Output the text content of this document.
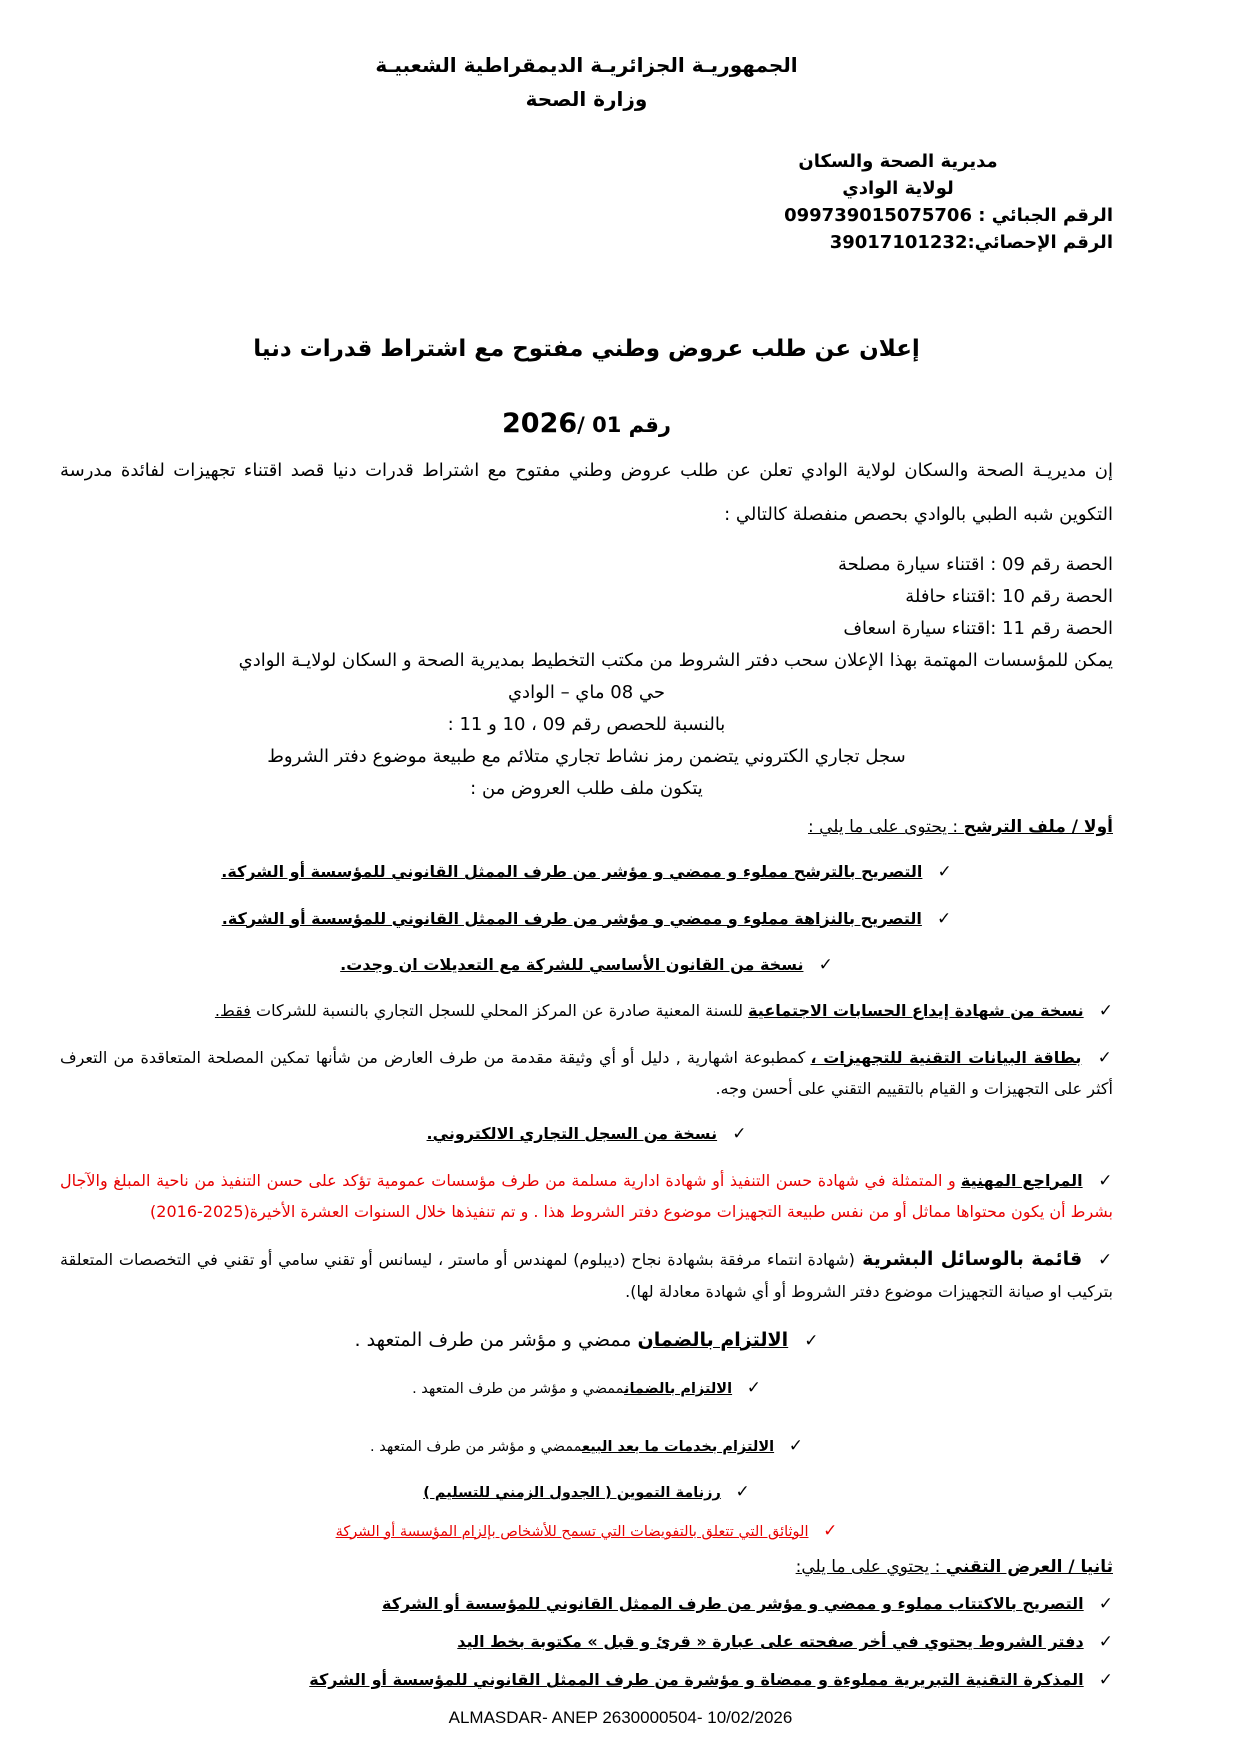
الجمهوريـة الجزائريـة الديمقراطية الشعبيـة
وزارة الصحة
مديرية الصحة والسكان
لولاية الوادي
الرقم الجبائي : 099739015075706
الرقم الإحصائي:39017101232
إعلان عن طلب عروض وطني مفتوح مع اشتراط قدرات دنيا
رقم 01 /2026
إن مديريـة الصحة والسكان لولاية الوادي تعلن عن طلب عروض وطني مفتوح مع اشتراط قدرات دنيا قصد اقتناء تجهيزات لفائدة مدرسة التكوين شبه الطبي بالوادي بحصص منفصلة كالتالي :
الحصة رقم 09 : اقتناء سيارة مصلحة
الحصة رقم 10 :اقتناء حافلة
الحصة رقم 11 :اقتناء سيارة اسعاف
يمكن للمؤسسات المهتمة بهذا الإعلان سحب دفتر الشروط من مكتب التخطيط بمديرية الصحة و السكان لولايـة الوادي
حي 08 ماي – الوادي
بالنسبة للحصص رقم 09 ، 10 و 11 :
سجل تجاري الكتروني يتضمن رمز نشاط تجاري متلائم مع طبيعة موضوع دفتر الشروط
يتكون ملف طلب العروض من :
أولا / ملف الترشح : يحتوى على ما يلي :
✓ التصريح بالترشح مملوء و ممضي و مؤشر من طرف الممثل القانوني للمؤسسة أو الشركة.
✓ التصريح بالنزاهة مملوء و ممضي و مؤشر من طرف الممثل القانوني للمؤسسة أو الشركة.
✓ نسخة من القانون الأساسي للشركة مع التعديلات ان وجدت.
✓ نسخة من شهادة إيداع الحسابات الاجتماعية للسنة المعنية صادرة عن المركز المحلي للسجل التجاري بالنسبة للشركات فقط.
✓ بطاقة البيانات التقنية للتجهيزات ، كمطبوعة اشهارية , دليل أو أي وثيقة مقدمة من طرف العارض من شأنها تمكين المصلحة المتعاقدة من التعرف أكثر على التجهيزات و القيام بالتقييم التقني على أحسن وجه.
✓ نسخة من السجل التجاري الالكتروني.
✓ المراجع المهنية و المتمثلة في شهادة حسن التنفيذ أو شهادة ادارية مسلمة من طرف مؤسسات عمومية تؤكد على حسن التنفيذ من ناحية المبلغ والآجال بشرط أن يكون محتواها مماثل أو من نفس طبيعة التجهيزات موضوع دفتر الشروط هذا . و تم تنفيذها خلال السنوات العشرة الأخيرة(2025-2016)
✓ قائمة بالوسائل البشرية (شهادة انتماء مرفقة بشهادة نجاح (ديبلوم) لمهندس أو ماستر ، ليسانس أو تقني سامي أو تقني في التخصصات المتعلقة بتركيب او صيانة التجهيزات موضوع دفتر الشروط أو أي شهادة معادلة لها).
✓ الالتزام بالضمان ممضي و مؤشر من طرف المتعهد .
✓ الالتزام بالضمانممضي و مؤشر من طرف المتعهد .
✓ الالتزام بخدمات ما بعد البيعممضي و مؤشر من طرف المتعهد .
✓ رزنامة التموين ( الجدول الزمني للتسليم )
✓ الوثائق التي تتعلق بالتفويضات التي تسمح للأشخاص بإلزام المؤسسة أو الشركة
ثانيا / العرض التقني : يحتوي على ما يلي:
✓ التصريح بالاكتتاب مملوء و ممضي و مؤشر من طرف الممثل القانوني للمؤسسة أو الشركة
✓ دفتر الشروط يحتوي في أخر صفحته على عبارة « قرئ و قبل » مكتوبة بخط اليد
✓ المذكرة التقنية التبريرية مملوءة و ممضاة و مؤشرة من طرف الممثل القانوني للمؤسسة أو الشركة
ALMASDAR- ANEP 2630000504- 10/02/2026
